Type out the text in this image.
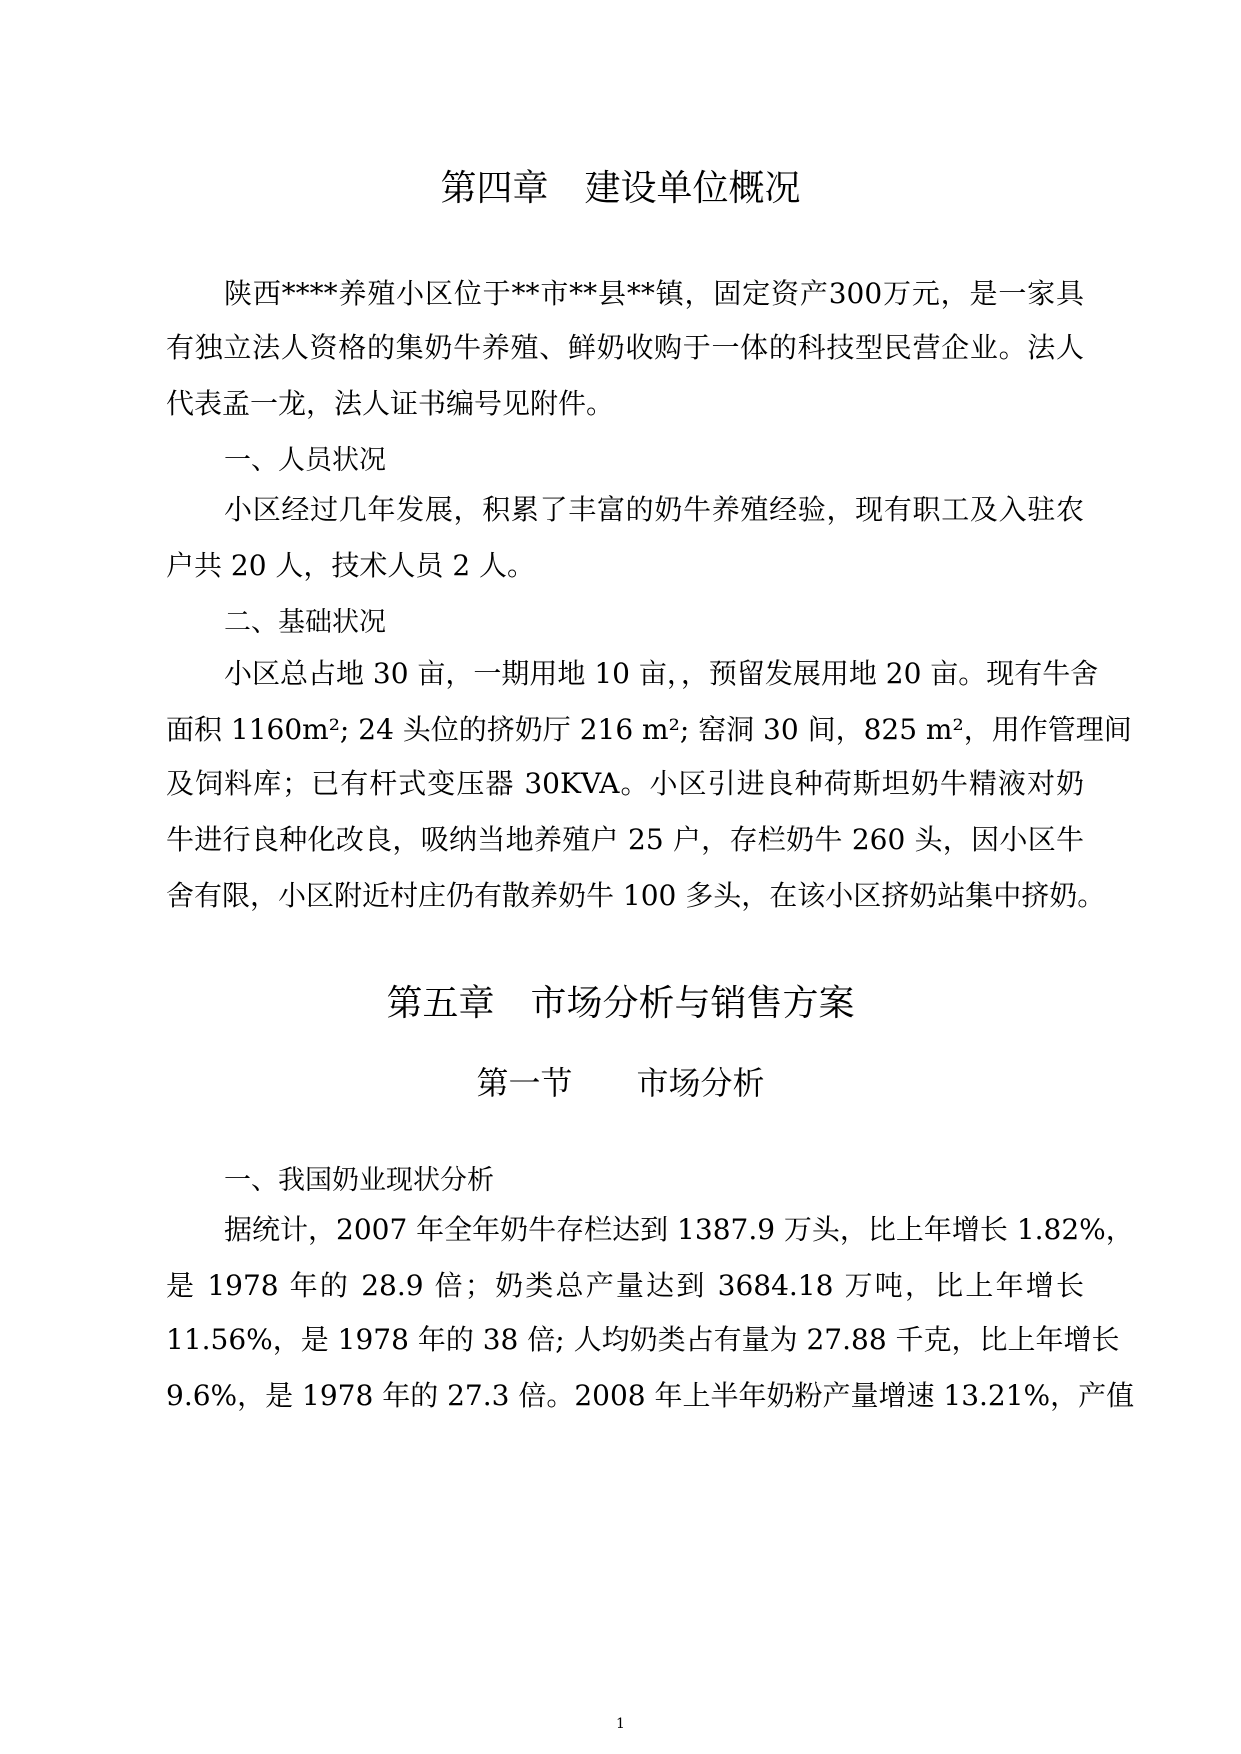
第四章　建设单位概况
陕西****养殖小区位于**市**县**镇，固定资产300万元，是一家具
有独立法人资格的集奶牛养殖、鲜奶收购于一体的科技型民营企业。法人
代表孟一龙，法人证书编号见附件。
一、人员状况
小区经过几年发展，积累了丰富的奶牛养殖经验，现有职工及入驻农
户共 20 人，技术人员 2 人。
二、基础状况
小区总占地 30 亩，一期用地 10 亩，，预留发展用地 20 亩。现有牛舍
面积 1160m²; 24 头位的挤奶厅 216 m²; 窑洞 30 间，825 m²，用作管理间
及饲料库；已有杆式变压器 30KVA。小区引进良种荷斯坦奶牛精液对奶
牛进行良种化改良，吸纳当地养殖户 25 户，存栏奶牛 260 头，因小区牛
舍有限，小区附近村庄仍有散养奶牛 100 多头，在该小区挤奶站集中挤奶。
第五章　市场分析与销售方案
第一节　　市场分析
一、我国奶业现状分析
据统计，2007 年全年奶牛存栏达到 1387.9 万头，比上年增长 1.82%，
是 1978 年的 28.9 倍；奶类总产量达到 3684.18 万吨，比上年增长
11.56%，是 1978 年的 38 倍; 人均奶类占有量为 27.88 千克，比上年增长
9.6%，是 1978 年的 27.3 倍。2008 年上半年奶粉产量增速 13.21%，产值
1
